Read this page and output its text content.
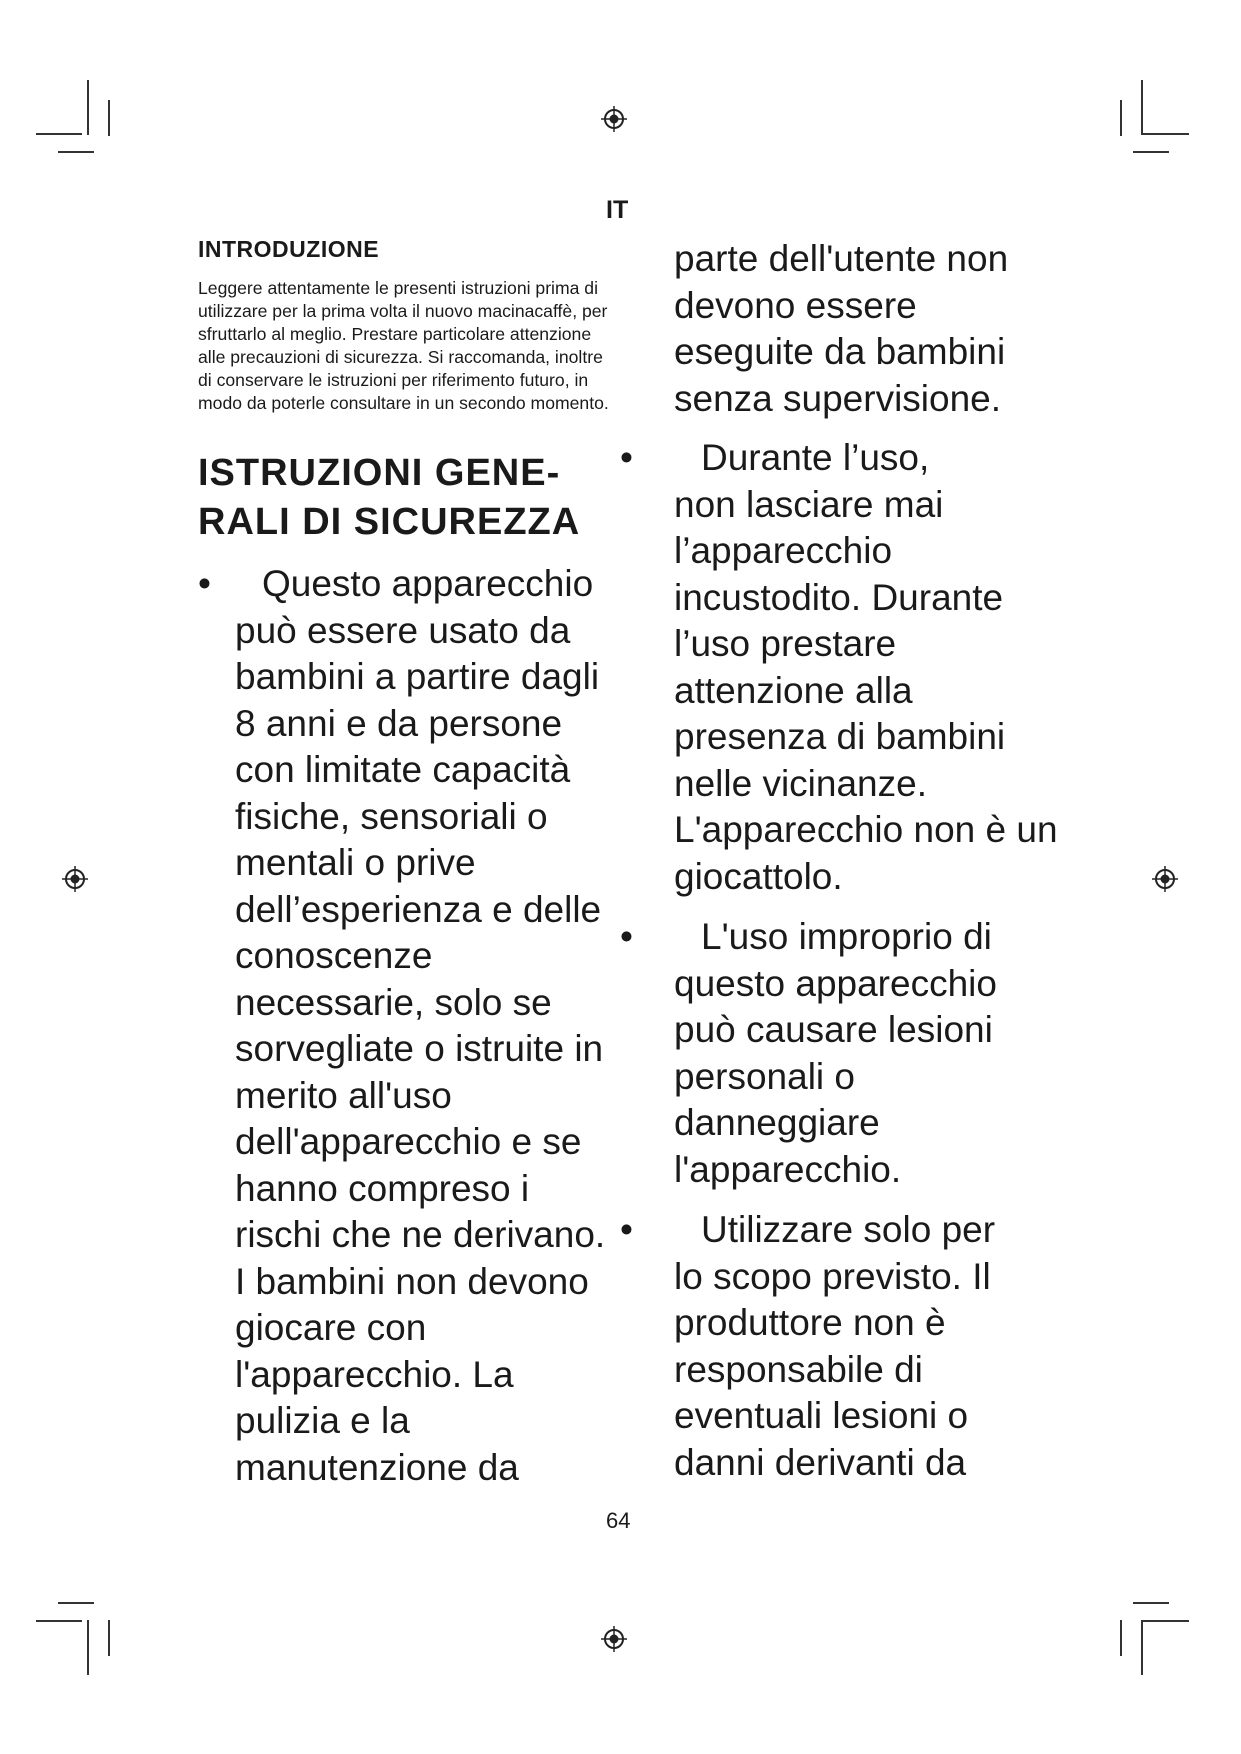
IT
INTRODUZIONE

Leggere attentamente le presenti istruzioni prima di utilizzare per la prima volta il nuovo macinacaffè, per sfruttarlo al meglio. Prestare particolare attenzione alle precauzioni di sicurezza. Si raccomanda, inoltre di conservare le istruzioni per riferimento futuro, in modo da poterle consultare in un secondo momento.

ISTRUZIONI GENE-
RALI DI SICUREZZA
•	Questo apparecchio
può essere usato da bambini a partire dagli 8 anni e da persone con limitate capacità fisiche, sensoriali o mentali o prive dell’esperienza e delle conoscenze necessarie, solo se sorvegliate o istruite in merito all'uso dell'apparecchio e se hanno compreso i rischi che ne derivano. I bambini non devono giocare con l'apparecchio. La pulizia e la manutenzione da
parte dell'utente non devono essere eseguite da bambini senza supervisione.
•	Durante l’uso,
non lasciare mai l’apparecchio incustodito. Durante l’uso prestare attenzione alla presenza di bambini nelle vicinanze. L'apparecchio non è un giocattolo.
•	L'uso improprio di
questo apparecchio può causare lesioni personali o danneggiare l'apparecchio.
•	Utilizzare solo per
lo scopo previsto. Il produttore non è responsabile di eventuali lesioni o danni derivanti da
64
